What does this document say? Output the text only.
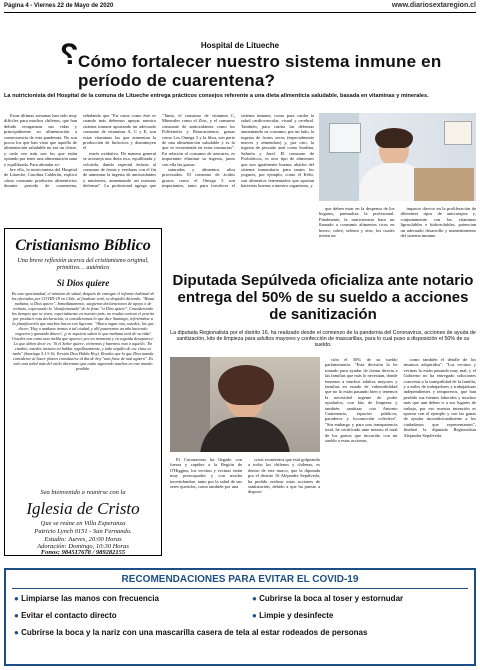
Página 4 - Viernes 22 de Mayo de 2020	www.diariosextaregion.cl
Hospital de Litueche
? Cómo fortalecer nuestro sistema inmune en período de cuarentena?
La nutricionista del Hospital de la comuna de Litueche entrega prácticos consejos referente a una dieta alimenticia saludable, basada en vitaminas y minerales.

Estas últimas semanas han sido muy difíciles para muchos chilenos, que han debido reorganizar sus vidas y principalmente su alimentación a consecuencia de esta pandemia. No son pocos los que han visto que aquello de alimentación saludable no era un chiste, y cada vez más son los que están optando por tener una alimentación sana y equilibrada. Para ahondar so-

bre ello, la nutricionista del Hospital de Litueche, Carolina Calderón, explicó cómo consumir productos alimenticios durante periodo de cuarentena, señalando que "En casos como éste es cuando más debemos apoyar nuestro sistema inmune aportando un adecuado consumo de vitaminas A, C y E, son estas vitaminas las que aumentan la producción de linfocitos y disminuyen el

estrés oxidativo. De manera general se aconseja una dieta rica, equilibrada y colorida, dando especial énfasis al consumo de frutas y verduras con el fin de aumentar la ingesta de antioxidantes y nutrientes, aumentando así nuestras defensas". La profesional agrega que "Tanto, el consumo de vitamina C, Minerales como el Zinc, y el consumo constante de antioxidantes como los Polifenoles y Betacarotenos, grasas como Los Omega 3 y la fibra, son parte de una alimentación saludable y es lo que se recomienda en estas instancias". En relación al consumo de azucares, es importante eliminar su ingesta, junto con ella las grasas

saturadas y alimentos ultra procesados. El consumo de ácidos grasos como el Omega 3 son importantes, tanto para fortalecer el sistema inmune, como para cuidar la salud cardiovascular, visual y cerebral. También, para cuidar las defensas aumentando su consumo, por un lado, la ingesta de frutos secos (especialmente nueces y almendras) y, por otro, la ingesta de pescado azul como Sardina, Salmón y Jurel. El consumo de Probióticos, es otro tipo de alimentos que son igualmente buenos aliados del sistema inmunitario para tantos los yogures, por ejemplo, como el Kéfir, son alimentos fermentados que aportan bacterias buenas a nuestro organismo, y

que deben estar en la despensa de los hogares, puntualiza la profesional. Finalmente, la nutricionista hace un llamado a consumir alimentos ricos en hierro, cobre, selenio y zinc, los cuales tienen un

impacto directo en la proliferación de diferentes tipos de anticuerpos y, conjuntamente con las vitaminas liposolubles e hidrosolubles, potencian un adecuado desarrollo y mantenimiento del sistema inmune.

Cristianismo Bíblico
Una breve reflexión acerca del cristianismo original, primitivo… auténtico
Si Dios quiere
En una oportunidad, el ministro de salud, después de entregar el informe habitual de los afectados por COVID-19 en Chile, al finalizar votó, se despidió diciendo: "Hasta mañana, si Dios quiere". Inmediatamente, surgieron declaraciones de apoyo o de rechazo, expresando la "desafortunada" de la frase "si Dios quiere". Considerando los tiempos que se viven, especialmente en nuestro país, no resulta curioso el prurito por producir esta declaración, si consideramos lo que dice Santiago, refiriéndose a la planificación que muchos hacen con ligereza: "Ahora oigan esto, ustedes, los que dicen: 'Hoy o mañana iremos a tal ciudad, y allí pasaremos un año haciendo negocios y ganando dinero', ¡y ni siquiera saben lo que mañana será de su vida! Ustedes son como una niebla que aparece por un momento y en seguida desaparece. Lo que deben decir es: 'Si el Señor quiere, viviremos y haremos esto o aquello.' En cambio, ustedes insisten en hablar orgullosamente, y todo orgullo de ese clase es malo" (Santiago 5:13-16, Versión Dios Habla Hoy). Resulta que lo que Dios manda considerar al hacer planes constituirse al día de hoy "una frase de mal agüero". Es solo una señal más del estilo aberrante que están siguiendo muchos en este mundo perdido.
Sea bienvenido a reunirse con la
Iglesia de Cristo
Que se reúne en Villa Esperanza
Patricio Lynch 0151 - San Fernando.
Estudio: Jueves, 20:00 Horas
Adoración: Domingo, 10:30 Horas
Fonos: 984517678 / 989282155
Diputada Sepúlveda oficializa ante notario entrega del 50% de su sueldo a acciones de sanitización
La diputada Regionalista por el distrito 16, ha realizado desde el comienzo de la pandemia del Coronavirus, acciones de ayuda de sanitización, kits de limpieza para adultos mayores y confección de mascarillas, para lo cual puso a disposición el 50% de su sueldo.

El Coronavirus ha llegado con fuerza y rapidez a la Región de O'Higgins, los vecinos y vecinas están muy preocupados y con mucha incertidumbre, tanto por la salud de sus seres queridos, como también por una

crisis económica que está golpeando a todos los chilenos y chilenas, es dentro de este marco, que la diputada por el distrito 16 Alejandra Sepúlveda, ha podido realizar estas acciones de sanitización, debido a que ha puesto a disposi-

ción el 50% de su sueldo parlamentario. "Esta decisión la he tomado para ayudar de forma directa a las familias que más lo necesitan, donde tenemos a muchos adultos mayores y familias en estado de vulnerabilidad que no lo están pasando bien y tenemos la necesidad urgente de poder ayudarlos, con kits de limpieza y también sanitizar con Amonio Cuaternario, espacios públicos, paraderos y locomoción colectiva". "Sin embargo y para una transparencia total, he certificado ante notario el total de los gastos que incurrido con mi sueldo a estas acciones,

como también el detalle de los insumos adquiridos". "Los vecinos y vecinas lo están pasando muy mal, y el Gobierno no ha entregado soluciones concretas a la tranquilidad de la familia, y a miles de trabajadores y trabajadoras independientes y temporeros, que han perdido sus fuentes laborales y muchos más que aún deben ir a sus lugares de trabajo, por eso nuestra intención es aportar con el ejemplo y con las ganas de ayudar incondicionalmente a los ciudadanos que representamos", finalizó la diputada Regionalista Alejandra Sepúlveda.

RECOMENDACIONES PARA EVITAR EL COVID-19
● Limpiarse las manos con frecuencia	● Cubrirse la boca al toser y estornudar
● Evitar el contacto directo	● Limpie y desinfecte
● Cubrirse la boca y la nariz con una mascarilla casera de tela al estar rodeados de personas
